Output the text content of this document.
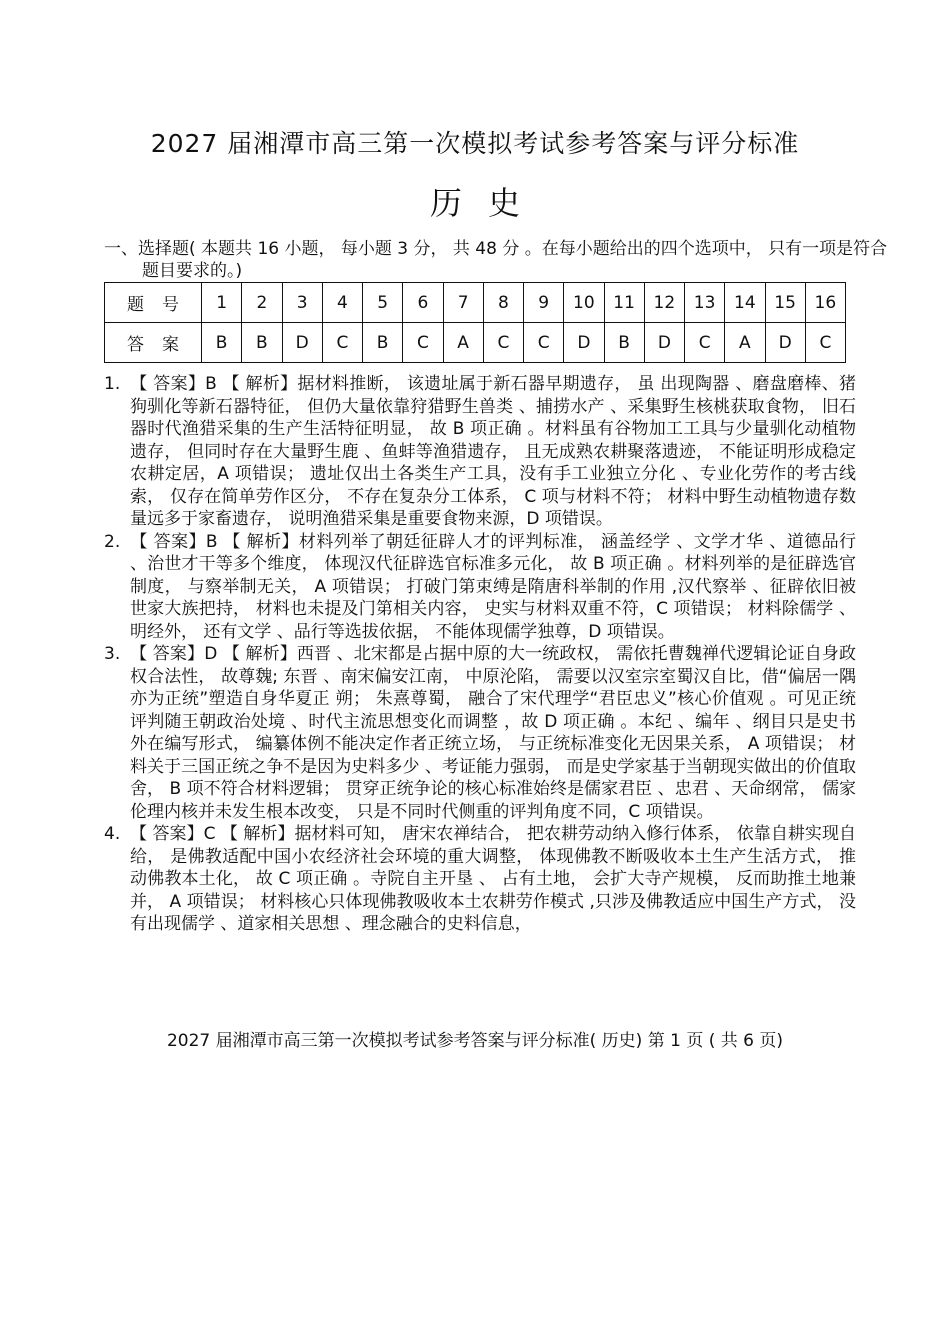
2027 届湘潭市高三第一次模拟考试参考答案与评分标准
历史
一、选择题( 本题共 16 小题， 每小题 3 分， 共 48 分 。在每小题给出的四个选项中， 只有一项是符合题目要求的。)
题号	1	2	3	4	5	6	7	8	9	10	11	12	13	14	15	16
答案	B	B	D	C	B	C	A	C	C	D	B	D	C	A	D	C
1. 【 答案】B 【 解析】据材料推断， 该遗址属于新石器早期遗存， 虽 出现陶器 、磨盘磨棒、猪狗驯化等新石器特征， 但仍大量依靠狩猎野生兽类 、捕捞水产 、采集野生核桃获取食物， 旧石器时代渔猎采集的生产生活特征明显， 故 B 项正确 。材料虽有谷物加工工具与少量驯化动植物遗存， 但同时存在大量野生鹿 、鱼蚌等渔猎遗存， 且无成熟农耕聚落遗迹， 不能证明形成稳定农耕定居，A 项错误； 遗址仅出土各类生产工具，没有手工业独立分化 、专业化劳作的考古线索， 仅存在简单劳作区分， 不存在复杂分工体系， C 项与材料不符； 材料中野生动植物遗存数量远多于家畜遗存， 说明渔猎采集是重要食物来源，D 项错误。
2. 【 答案】B 【 解析】材料列举了朝廷征辟人才的评判标准， 涵盖经学 、文学才华 、道德品行 、治世才干等多个维度， 体现汉代征辟选官标准多元化， 故 B 项正确 。材料列举的是征辟选官制度， 与察举制无关， A 项错误； 打破门第束缚是隋唐科举制的作用 ,汉代察举 、征辟依旧被世家大族把持， 材料也未提及门第相关内容， 史实与材料双重不符，C 项错误； 材料除儒学 、明经外， 还有文学 、品行等选拔依据， 不能体现儒学独尊，D 项错误。
3. 【 答案】D 【 解析】西晋 、北宋都是占据中原的大一统政权， 需依托曹魏禅代逻辑论证自身政权合法性， 故尊魏; 东晋 、南宋偏安江南， 中原沦陷， 需要以汉室宗室蜀汉自比，借“偏居一隅亦为正统”塑造自身华夏正 朔； 朱熹尊蜀， 融合了宋代理学“君臣忠义”核心价值观 。可见正统评判随王朝政治处境 、时代主流思想变化而调整 ，故 D 项正确 。本纪 、编年 、纲目只是史书外在编写形式， 编纂体例不能决定作者正统立场， 与正统标准变化无因果关系， A 项错误； 材料关于三国正统之争不是因为史料多少 、考证能力强弱， 而是史学家基于当朝现实做出的价值取舍， B 项不符合材料逻辑； 贯穿正统争论的核心标准始终是儒家君臣 、忠君 、天命纲常， 儒家伦理内核并未发生根本改变， 只是不同时代侧重的评判角度不同，C 项错误。
4. 【 答案】C 【 解析】据材料可知， 唐宋农禅结合， 把农耕劳动纳入修行体系， 依靠自耕实现自给， 是佛教适配中国小农经济社会环境的重大调整， 体现佛教不断吸收本土生产生活方式， 推动佛教本土化， 故 C 项正确 。寺院自主开垦 、 占有土地， 会扩大寺产规模， 反而助推土地兼并， A 项错误； 材料核心只体现佛教吸收本土农耕劳作模式 ,只涉及佛教适应中国生产方式， 没有出现儒学 、道家相关思想 、理念融合的史料信息，
2027 届湘潭市高三第一次模拟考试参考答案与评分标准( 历史) 第 1 页 ( 共 6 页)
